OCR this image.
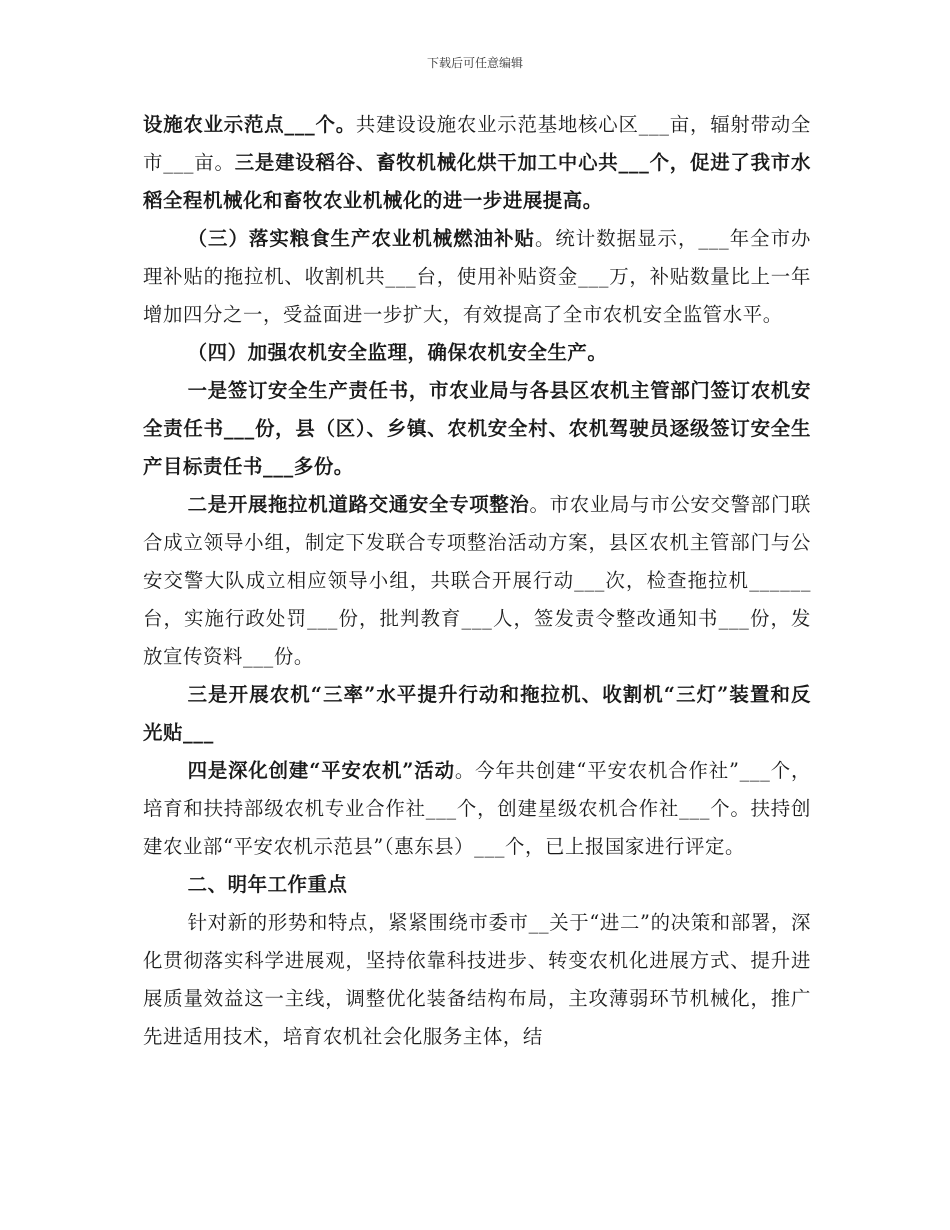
下载后可任意编辑

设施农业示范点___个。共建设设施农业示范基地核心区___亩，辐射带动全市___亩。三是建设稻谷、畜牧机械化烘干加工中心共___个，促进了我市水稻全程机械化和畜牧农业机械化的进一步进展提高。

（三）落实粮食生产农业机械燃油补贴。统计数据显示，___年全市办理补贴的拖拉机、收割机共___台，使用补贴资金___万，补贴数量比上一年增加四分之一，受益面进一步扩大，有效提高了全市农机安全监管水平。

（四）加强农机安全监理，确保农机安全生产。

一是签订安全生产责任书，市农业局与各县区农机主管部门签订农机安全责任书___份，县（区）、乡镇、农机安全村、农机驾驶员逐级签订安全生产目标责任书___多份。

二是开展拖拉机道路交通安全专项整治。市农业局与市公安交警部门联合成立领导小组，制定下发联合专项整治活动方案，县区农机主管部门与公安交警大队成立相应领导小组，共联合开展行动___次，检查拖拉机______台，实施行政处罚___份，批判教育___人，签发责令整改通知书___份，发放宣传资料___份。

三是开展农机“三率”水平提升行动和拖拉机、收割机“三灯”装置和反光贴___

四是深化创建“平安农机”活动。今年共创建“平安农机合作社”___个，培育和扶持部级农机专业合作社___个，创建星级农机合作社___个。扶持创建农业部“平安农机示范县”（惠东县）___个，已上报国家进行评定。

二、明年工作重点

针对新的形势和特点，紧紧围绕市委市__关于“进二”的决策和部署，深化贯彻落实科学进展观，坚持依靠科技进步、转变农机化进展方式、提升进展质量效益这一主线，调整优化装备结构布局，主攻薄弱环节机械化，推广先进适用技术，培育农机社会化服务主体，结
